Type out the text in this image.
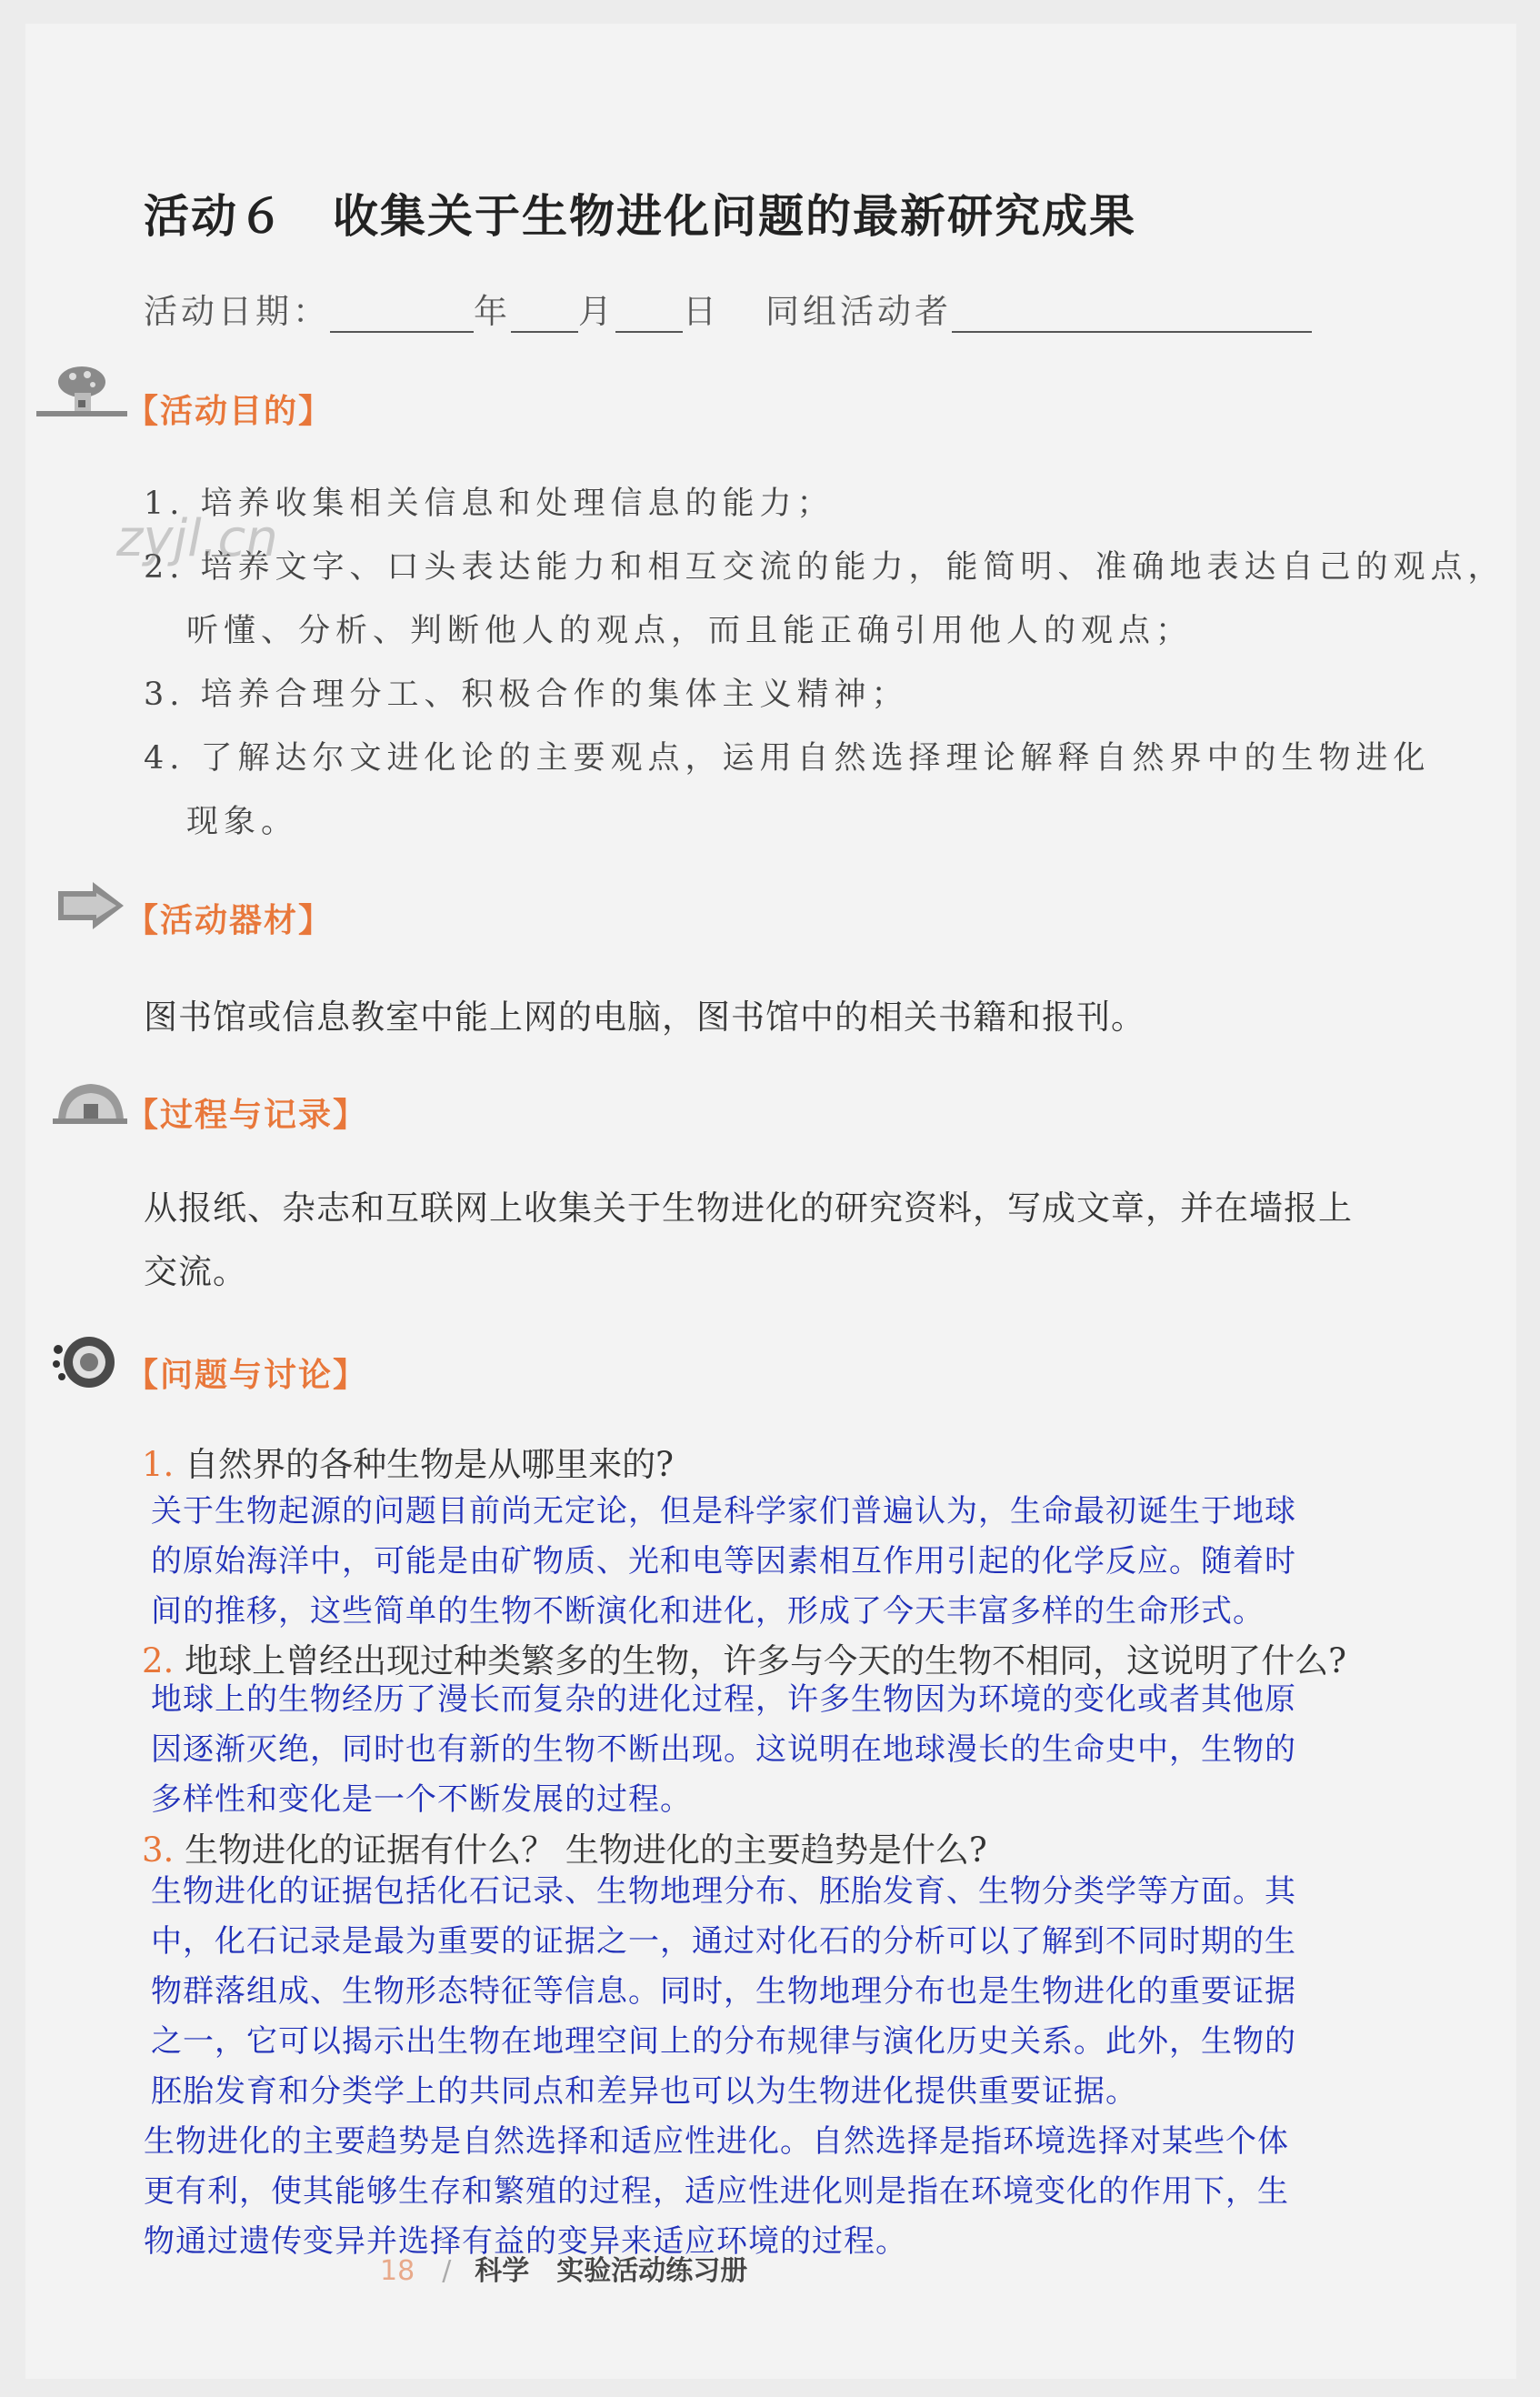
活动６　收集关于生物进化问题的最新研究成果
活动日期：	年 月 日 同组活动者
【活动目的】
1. 培养收集相关信息和处理信息的能力；
2. 培养文字、口头表达能力和相互交流的能力，能简明、准确地表达自己的观点，
听懂、分析、判断他人的观点，而且能正确引用他人的观点；
3. 培养合理分工、积极合作的集体主义精神；
4. 了解达尔文进化论的主要观点，运用自然选择理论解释自然界中的生物进化
现象。
zyjl.cn
【活动器材】
图书馆或信息教室中能上网的电脑，图书馆中的相关书籍和报刊。
【过程与记录】
从报纸、杂志和互联网上收集关于生物进化的研究资料，写成文章，并在墙报上
交流。
【问题与讨论】
1. 自然界的各种生物是从哪里来的?
关于生物起源的问题目前尚无定论，但是科学家们普遍认为，生命最初诞生于地球
的原始海洋中，可能是由矿物质、光和电等因素相互作用引起的化学反应。随着时
间的推移，这些简单的生物不断演化和进化，形成了今天丰富多样的生命形式。
2. 地球上曾经出现过种类繁多的生物，许多与今天的生物不相同，这说明了什么?
地球上的生物经历了漫长而复杂的进化过程，许多生物因为环境的变化或者其他原
因逐渐灭绝，同时也有新的生物不断出现。这说明在地球漫长的生命史中，生物的
多样性和变化是一个不断发展的过程。
3. 生物进化的证据有什么？ 生物进化的主要趋势是什么?
生物进化的证据包括化石记录、生物地理分布、胚胎发育、生物分类学等方面。其
中，化石记录是最为重要的证据之一，通过对化石的分析可以了解到不同时期的生
物群落组成、生物形态特征等信息。同时，生物地理分布也是生物进化的重要证据
之一，它可以揭示出生物在地理空间上的分布规律与演化历史关系。此外，生物的
胚胎发育和分类学上的共同点和差异也可以为生物进化提供重要证据。
生物进化的主要趋势是自然选择和适应性进化。自然选择是指环境选择对某些个体
更有利，使其能够生存和繁殖的过程，适应性进化则是指在环境变化的作用下，生
物通过遗传变异并选择有益的变异来适应环境的过程。
18 / 科学 实验活动练习册
